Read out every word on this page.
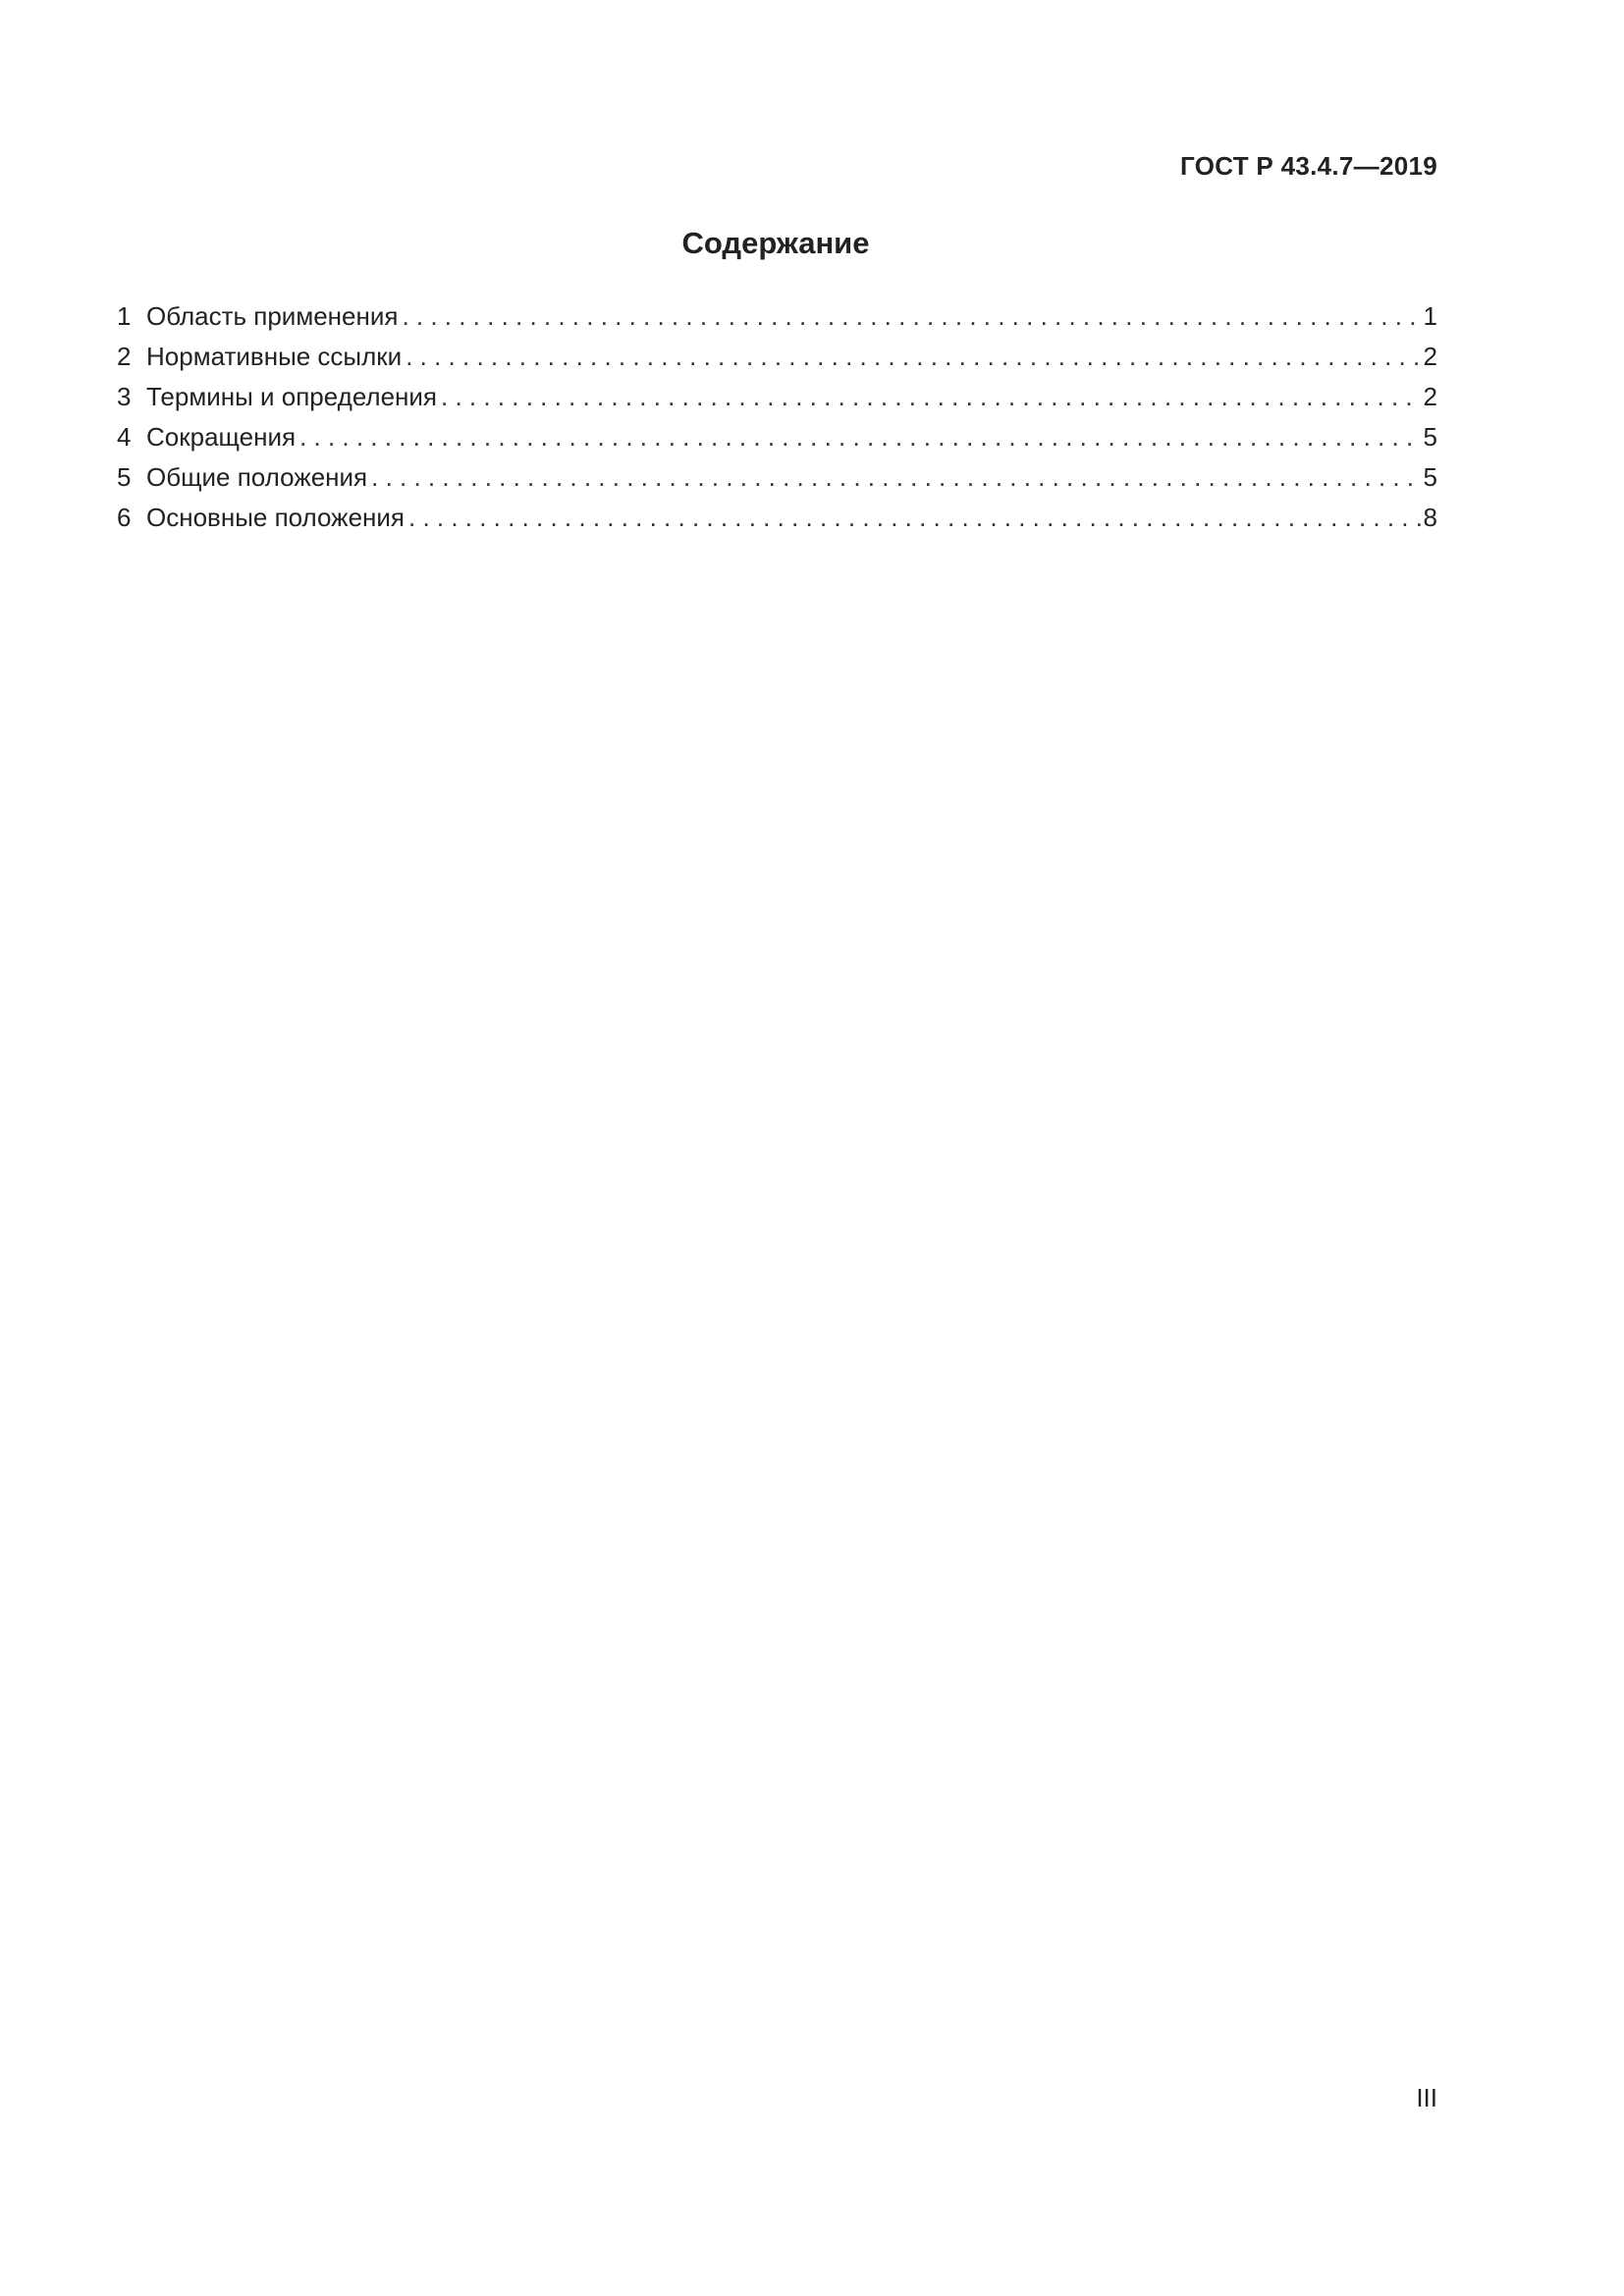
ГОСТ Р 43.4.7—2019
Содержание
1 Область применения . . .	1
2 Нормативные ссылки . . .	2
3 Термины и определения . . .	2
4 Сокращения . . .	5
5 Общие положения . . .	5
6 Основные положения . . .	8
III
